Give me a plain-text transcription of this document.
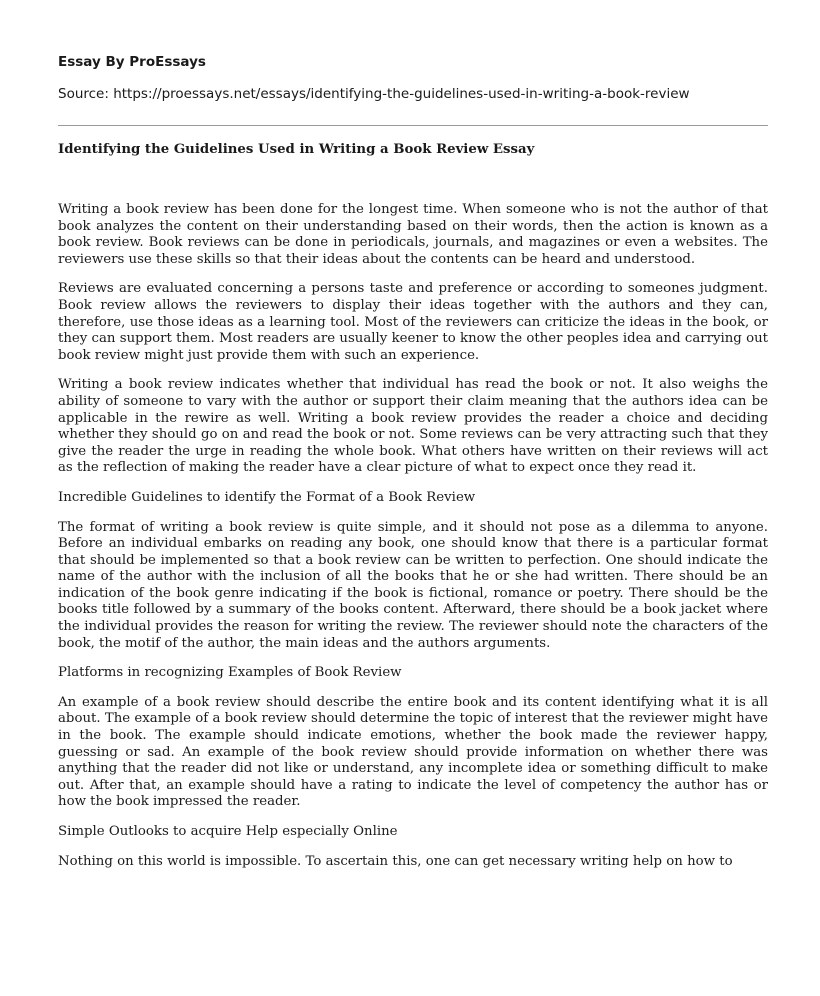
Essay By ProEssays

Source: https://proessays.net/essays/identifying-the-guidelines-used-in-writing-a-book-review

Identifying the Guidelines Used in Writing a Book Review Essay

Writing a book review has been done for the longest time. When someone who is not the author of that book analyzes the content on their understanding based on their words, then the action is known as a book review. Book reviews can be done in periodicals, journals, and magazines or even a websites. The reviewers use these skills so that their ideas about the contents can be heard and understood.

Reviews are evaluated concerning a persons taste and preference or according to someones judgment. Book review allows the reviewers to display their ideas together with the authors and they can, therefore, use those ideas as a learning tool. Most of the reviewers can criticize the ideas in the book, or they can support them. Most readers are usually keener to know the other peoples idea and carrying out book review might just provide them with such an experience.

Writing a book review indicates whether that individual has read the book or not. It also weighs the ability of someone to vary with the author or support their claim meaning that the authors idea can be applicable in the rewire as well. Writing a book review provides the reader a choice and deciding whether they should go on and read the book or not. Some reviews can be very attracting such that they give the reader the urge in reading the whole book. What others have written on their reviews will act as the reflection of making the reader have a clear picture of what to expect once they read it.

Incredible Guidelines to identify the Format of a Book Review

The format of writing a book review is quite simple, and it should not pose as a dilemma to anyone. Before an individual embarks on reading any book, one should know that there is a particular format that should be implemented so that a book review can be written to perfection. One should indicate the name of the author with the inclusion of all the books that he or she had written. There should be an indication of the book genre indicating if the book is fictional, romance or poetry. There should be the books title followed by a summary of the books content. Afterward, there should be a book jacket where the individual provides the reason for writing the review. The reviewer should note the characters of the book, the motif of the author, the main ideas and the authors arguments.

Platforms in recognizing Examples of Book Review

An example of a book review should describe the entire book and its content identifying what it is all about. The example of a book review should determine the topic of interest that the reviewer might have in the book. The example should indicate emotions, whether the book made the reviewer happy, guessing or sad. An example of the book review should provide information on whether there was anything that the reader did not like or understand, any incomplete idea or something difficult to make out. After that, an example should have a rating to indicate the level of competency the author has or how the book impressed the reader.

Simple Outlooks to acquire Help especially Online

Nothing on this world is impossible. To ascertain this, one can get necessary writing help on how to
